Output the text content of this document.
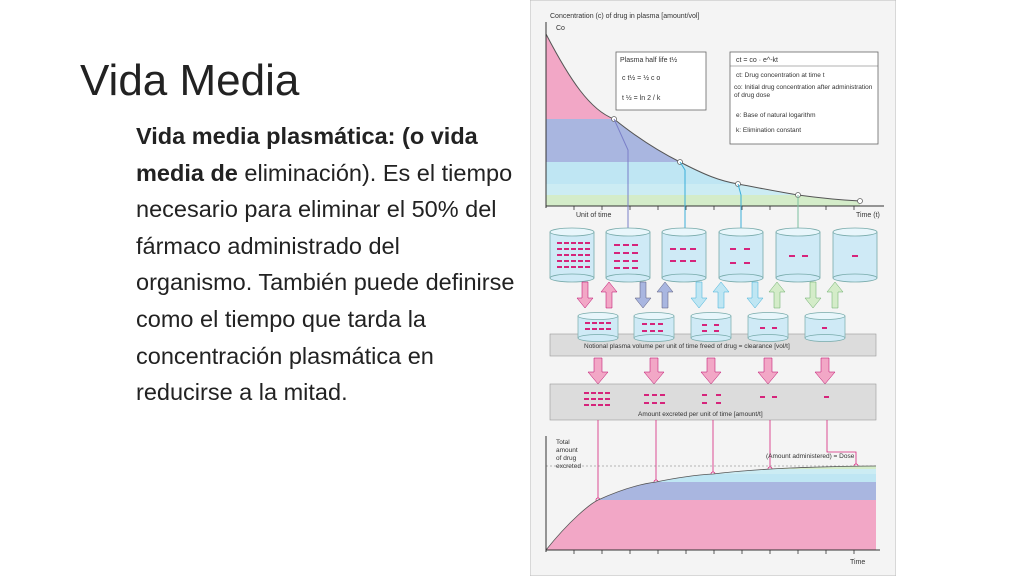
Vida Media
Vida media plasmática: (o vida media de eliminación). Es el tiempo necesario para eliminar el 50% del fármaco administrado del organismo. También puede definirse como el tiempo que tarda la concentración plasmática en reducirse a la mitad.
Concentration (c) of drug in plasma [amount/vol]
Co
Unit of time	Time (t)
Plasma half life t½
c t½ = ½ c o
t ½ = ln 2 / k
ct = co · e^-kt
ct: Drug concentration at time t
co: Initial drug concentration after administration of drug dose
e: Base of natural logarithm
k: Elimination constant
Notional plasma volume per unit of time freed of drug = clearance [vol/t]
Amount excreted per unit of time [amount/t]
Total
amount
of drug
excreted
(Amount administered) = Dose
Time
